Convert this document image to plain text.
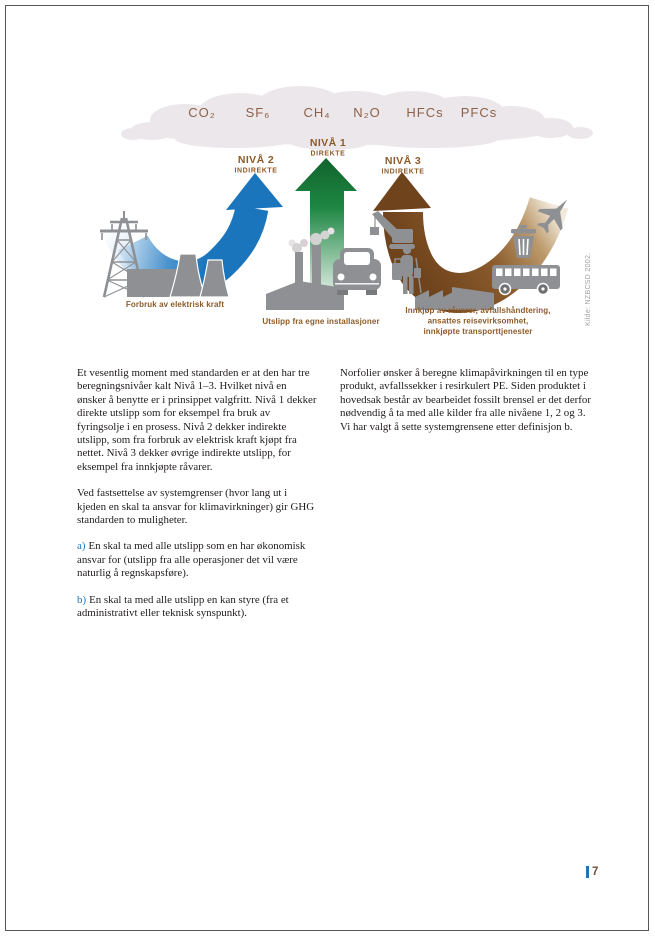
CO₂ SF₆	CH₄ N₂O HFCs PFCs
NIVÅ 2
INDIREKTE
NIVÅ 1
DIREKTE
NIVÅ 3
INDIREKTE
Forbruk av elektrisk kraft
Utslipp fra egne installasjoner
Innkjøp av råvarer, avfallshåndtering,
ansattes reisevirksomhet,
innkjøpte transporttjenester
Kilde: NZBCSD 2002.

Et vesentlig moment med standarden er at den har tre beregningsnivåer kalt Nivå 1–3. Hvilket nivå en ønsker å benytte er i prinsippet valgfritt. Nivå 1 dekker direkte utslipp som for eksempel fra bruk av fyringsolje i en prosess. Nivå 2 dekker indirekte utslipp, som fra forbruk av elektrisk kraft kjøpt fra nettet. Nivå 3 dekker øvrige indirekte utslipp, for eksempel fra innkjøpte råvarer.

Ved fastsettelse av systemgrenser (hvor lang ut i kjeden en skal ta ansvar for klimavirkninger) gir GHG standarden to muligheter.

a) En skal ta med alle utslipp som en har økonomisk ansvar for (utslipp fra alle operasjoner det vil være naturlig å regnskapsføre).

b) En skal ta med alle utslipp en kan styre (fra et administrativt eller teknisk synspunkt).

Norfolier ønsker å beregne klimapåvirkningen til en type produkt, avfallssekker i resirkulert PE. Siden produktet i hovedsak består av bearbeidet fossilt brensel er det derfor nødvendig å ta med alle kilder fra alle nivåene 1, 2 og 3. Vi har valgt å sette systemgrensene etter definisjon b.

7
